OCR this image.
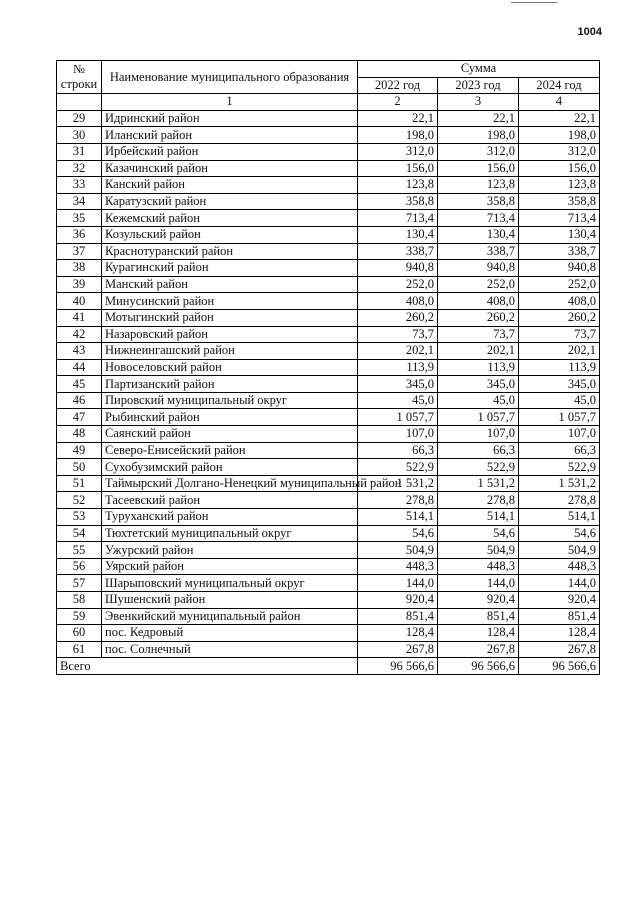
1004
№
строки	Наименование муниципального образования	Сумма		
		2022 год	2023 год	2024 год
	1	2	3	4
29	Идринский район	22,1	22,1	22,1
30	Иланский район	198,0	198,0	198,0
31	Ирбейский район	312,0	312,0	312,0
32	Казачинский район	156,0	156,0	156,0
33	Канский район	123,8	123,8	123,8
34	Каратузский район	358,8	358,8	358,8
35	Кежемский район	713,4	713,4	713,4
36	Козульский район	130,4	130,4	130,4
37	Краснотуранский район	338,7	338,7	338,7
38	Курагинский район	940,8	940,8	940,8
39	Манский район	252,0	252,0	252,0
40	Минусинский район	408,0	408,0	408,0
41	Мотыгинский район	260,2	260,2	260,2
42	Назаровский район	73,7	73,7	73,7
43	Нижнеингашский район	202,1	202,1	202,1
44	Новоселовский район	113,9	113,9	113,9
45	Партизанский район	345,0	345,0	345,0
46	Пировский муниципальный округ	45,0	45,0	45,0
47	Рыбинский район	1 057,7	1 057,7	1 057,7
48	Саянский район	107,0	107,0	107,0
49	Северо-Енисейский район	66,3	66,3	66,3
50	Сухобузимский район	522,9	522,9	522,9
51	Таймырский Долгано-Ненецкий муниципальный район	1 531,2	1 531,2	1 531,2
52	Тасеевский район	278,8	278,8	278,8
53	Туруханский район	514,1	514,1	514,1
54	Тюхтетский муниципальный округ	54,6	54,6	54,6
55	Ужурский район	504,9	504,9	504,9
56	Уярский район	448,3	448,3	448,3
57	Шарыповский муниципальный округ	144,0	144,0	144,0
58	Шушенский район	920,4	920,4	920,4
59	Эвенкийский муниципальный район	851,4	851,4	851,4
60	пос. Кедровый	128,4	128,4	128,4
61	пос. Солнечный	267,8	267,8	267,8
Всего		96 566,6	96 566,6	96 566,6
